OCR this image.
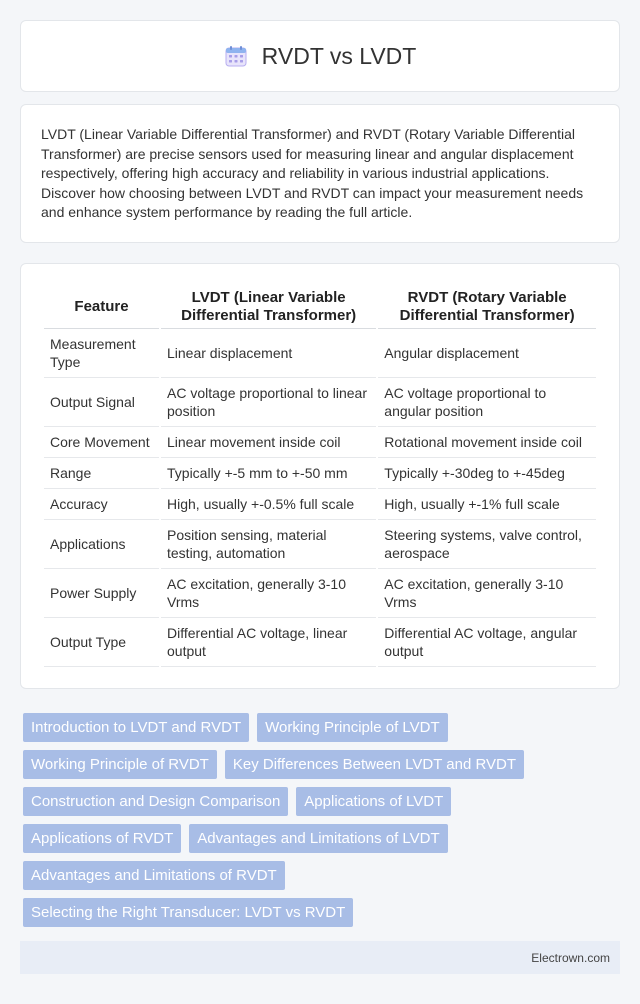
RVDT vs LVDT

LVDT (Linear Variable Differential Transformer) and RVDT (Rotary Variable Differential Transformer) are precise sensors used for measuring linear and angular displacement respectively, offering high accuracy and reliability in various industrial applications. Discover how choosing between LVDT and RVDT can impact your measurement needs and enhance system performance by reading the full article.

Feature	LVDT (Linear Variable Differential Transformer)	RVDT (Rotary Variable Differential Transformer)
Measurement Type	Linear displacement	Angular displacement
Output Signal	AC voltage proportional to linear position	AC voltage proportional to angular position
Core Movement	Linear movement inside coil	Rotational movement inside coil
Range	Typically +-5 mm to +-50 mm	Typically +-30deg to +-45deg
Accuracy	High, usually +-0.5% full scale	High, usually +-1% full scale
Applications	Position sensing, material testing, automation	Steering systems, valve control, aerospace
Power Supply	AC excitation, generally 3-10 Vrms	AC excitation, generally 3-10 Vrms
Output Type	Differential AC voltage, linear output	Differential AC voltage, angular output
Introduction to LVDT and RVDT	Working Principle of LVDT
Working Principle of RVDT	Key Differences Between LVDT and RVDT
Construction and Design Comparison	Applications of LVDT
Applications of RVDT	Advantages and Limitations of LVDT
Advantages and Limitations of RVDT
Selecting the Right Transducer: LVDT vs RVDT
Electrown.com
